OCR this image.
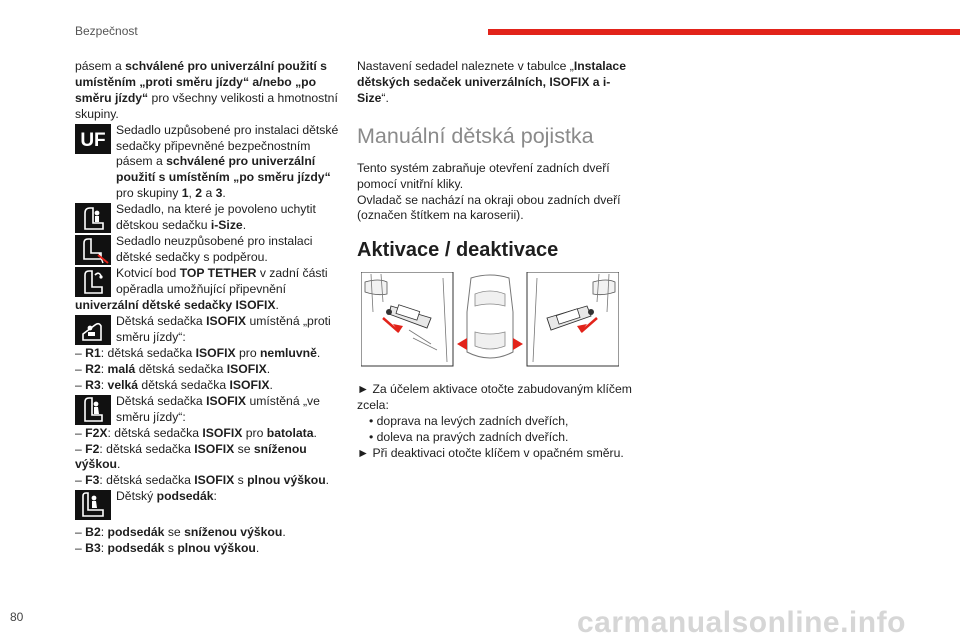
Bezpečnost

pásem a schválené pro univerzální použití s umístěním „proti směru jízdy“ a/nebo „po směru jízdy“ pro všechny velikosti a hmotnostní skupiny.

UF Sedadlo uzpůsobené pro instalaci dětské sedačky připevněné bezpečnostním pásem a schválené pro univerzální použití s umístěním „po směru jízdy“ pro skupiny 1, 2 a 3.

Sedadlo, na které je povoleno uchytit dětskou sedačku i-Size.

Sedadlo neuzpůsobené pro instalaci dětské sedačky s podpěrou.

Kotvicí bod TOP TETHER v zadní části opěradla umožňující připevnění

univerzální dětské sedačky ISOFIX.

Dětská sedačka ISOFIX umístěná „proti směru jízdy“:

– R1: dětská sedačka ISOFIX pro nemluvně.

– R2: malá dětská sedačka ISOFIX.

– R3: velká dětská sedačka ISOFIX.

Dětská sedačka ISOFIX umístěná „ve směru jízdy“:

– F2X: dětská sedačka ISOFIX pro batolata.

– F2: dětská sedačka ISOFIX se sníženou výškou.

– F3: dětská sedačka ISOFIX s plnou výškou.

Dětský podsedák:

– B2: podsedák se sníženou výškou.

– B3: podsedák s plnou výškou.

Nastavení sedadel naleznete v tabulce „Instalace dětských sedaček univerzálních, ISOFIX a i-Size“.

Manuální dětská pojistka

Tento systém zabraňuje otevření zadních dveří pomocí vnitřní kliky.

Ovladač se nachází na okraji obou zadních dveří (označen štítkem na karoserii).

Aktivace / deaktivace

► Za účelem aktivace otočte zabudovaným klíčem zcela:

• doprava na levých zadních dveřích,

• doleva na pravých zadních dveřích.

► Při deaktivaci otočte klíčem v opačném směru.

80	carmanualsonline.info
